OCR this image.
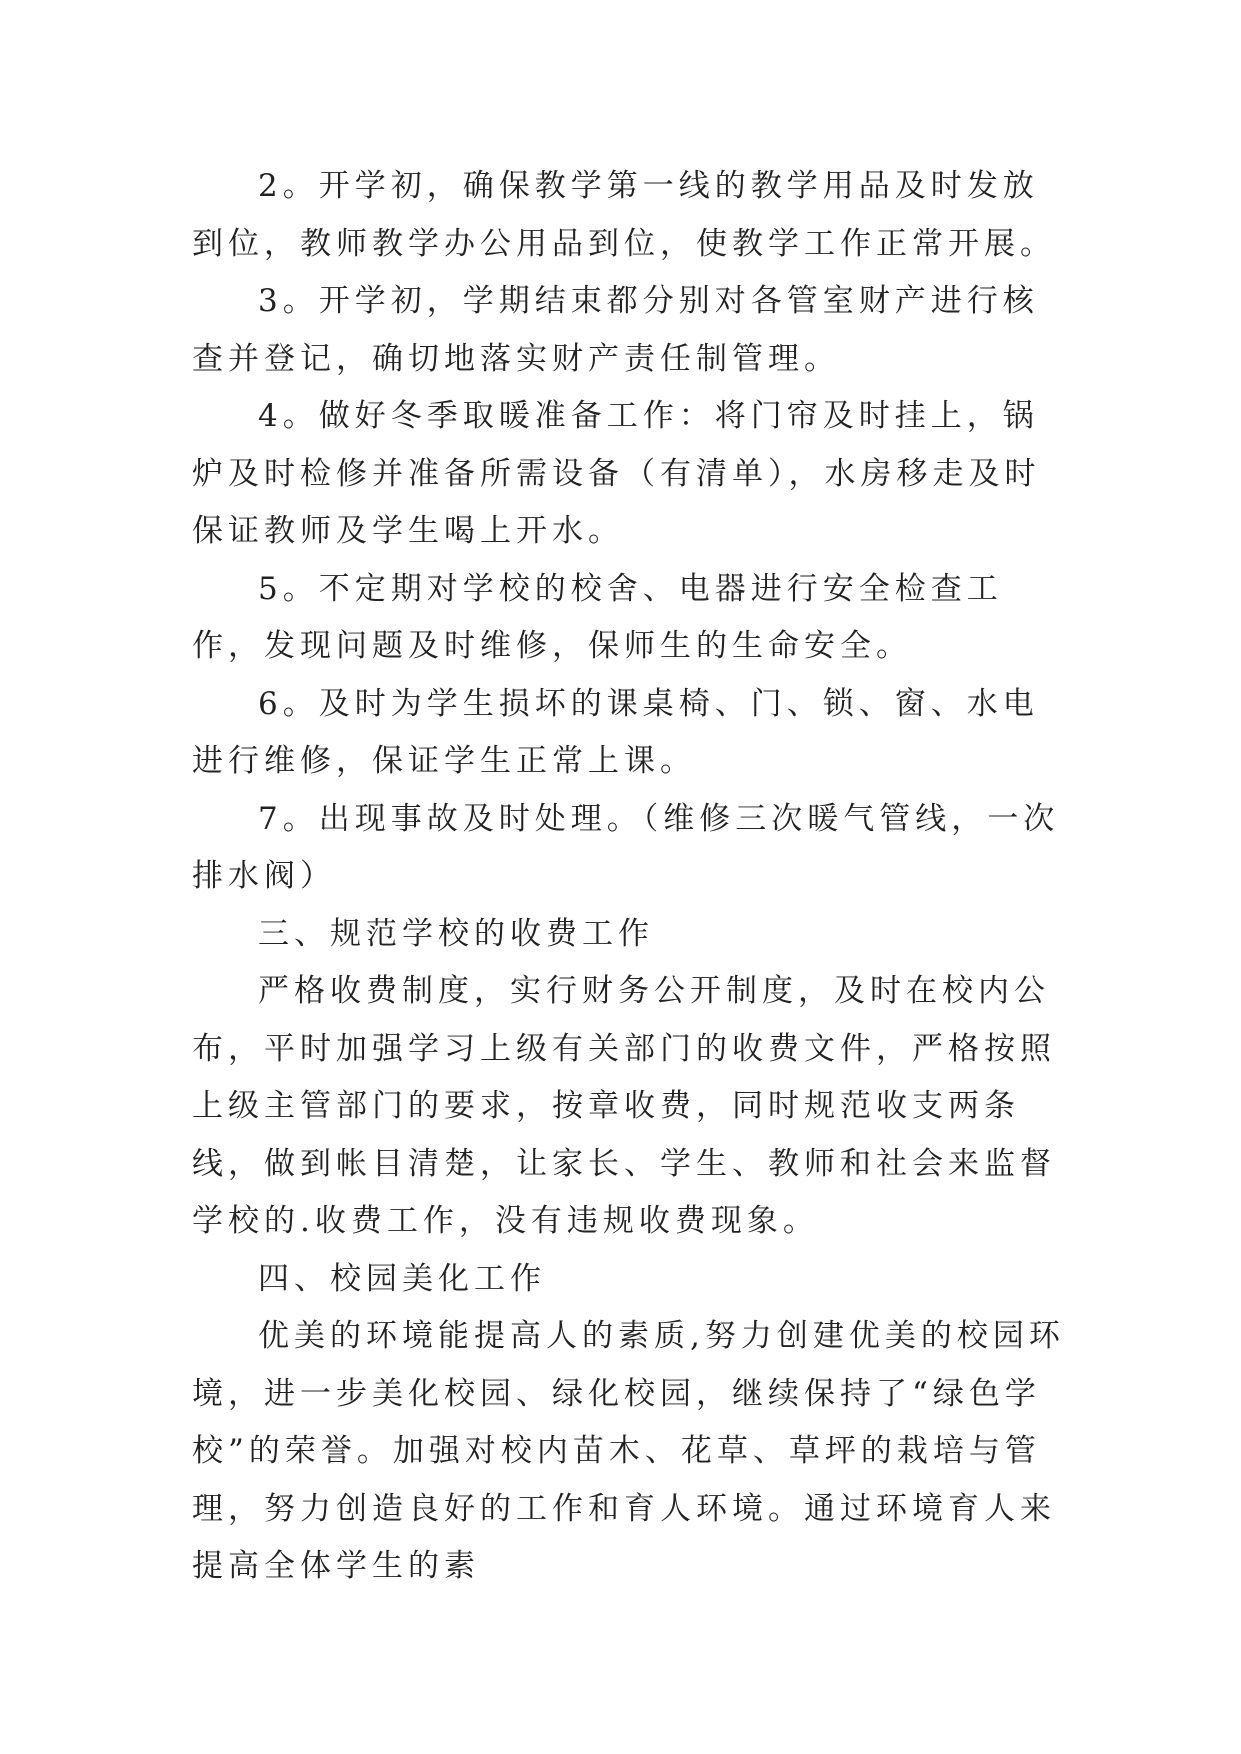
2。开学初，确保教学第一线的教学用品及时发放到位，教师教学办公用品到位，使教学工作正常开展。

3。开学初，学期结束都分别对各管室财产进行核查并登记，确切地落实财产责任制管理。

4。做好冬季取暖准备工作：将门帘及时挂上，锅炉及时检修并准备所需设备（有清单），水房移走及时保证教师及学生喝上开水。

5。不定期对学校的校舍、电器进行安全检查工作，发现问题及时维修，保师生的生命安全。

6。及时为学生损坏的课桌椅、门、锁、窗、水电进行维修，保证学生正常上课。

7。出现事故及时处理。（维修三次暖气管线，一次排水阀）

三、规范学校的收费工作

严格收费制度，实行财务公开制度，及时在校内公布，平时加强学习上级有关部门的收费文件，严格按照上级主管部门的要求，按章收费，同时规范收支两条线，做到帐目清楚，让家长、学生、教师和社会来监督学校的.收费工作，没有违规收费现象。

四、校园美化工作

优美的环境能提高人的素质,努力创建优美的校园环境，进一步美化校园、绿化校园，继续保持了“绿色学校”的荣誉。加强对校内苗木、花草、草坪的栽培与管理，努力创造良好的工作和育人环境。通过环境育人来提高全体学生的素
